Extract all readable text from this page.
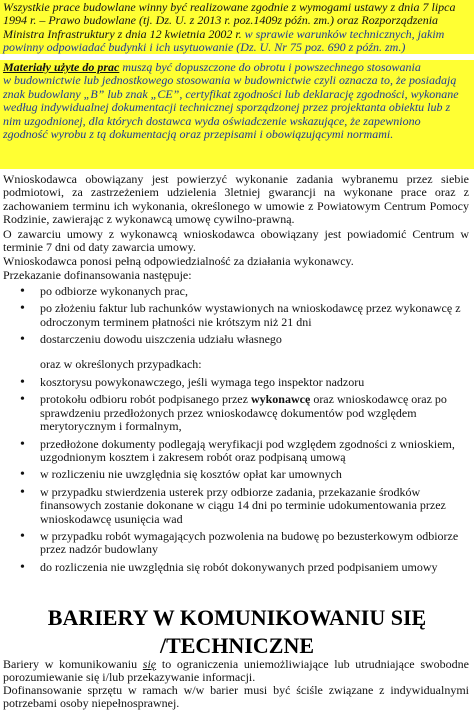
Wszystkie prace budowlane winny być realizowane zgodnie z wymogami ustawy z dnia 7 lipca
1994 r. – Prawo budowlane (tj. Dz. U. z 2013 r. poz.1409z późn. zm.) oraz Rozporządzenia
Ministra Infrastruktury z dnia 12 kwietnia 2002 r. w sprawie warunków technicznych, jakim
powinny odpowiadać budynki i ich usytuowanie (Dz. U. Nr 75 poz. 690 z późn. zm.)
Materiały użyte do prac muszą być dopuszczone do obrotu i powszechnego stosowania
w budownictwie lub jednostkowego stosowania w budownictwie czyli oznacza to, że posiadają
znak budowlany „B” lub znak „CE”, certyfikat zgodności lub deklarację zgodności, wykonane
według indywidualnej dokumentacji technicznej sporządzonej przez projektanta obiektu lub z
nim uzgodnionej, dla których dostawca wyda oświadczenie wskazujące, że zapewniono
zgodność wyrobu z tą dokumentacją oraz przepisami i obowiązującymi normami.
Wnioskodawca obowiązany jest powierzyć wykonanie zadania wybranemu przez siebie podmiotowi, za zastrzeżeniem udzielenia 3letniej gwarancji na wykonane prace oraz z zachowaniem terminu ich wykonania, określonego w umowie z Powiatowym Centrum Pomocy Rodzinie, zawierając z wykonawcą umowę cywilno-prawną.
O zawarciu umowy z wykonawcą wnioskodawca obowiązany jest powiadomić Centrum w terminie 7 dni od daty zawarcia umowy.
Wnioskodawca ponosi pełną odpowiedzialność za działania wykonawcy.
Przekazanie dofinansowania następuje:
• po odbiorze wykonanych prac,
• po złożeniu faktur lub rachunków wystawionych na wnioskodawcę przez wykonawcę z odroczonym terminem płatności nie krótszym niż 21 dni
• dostarczeniu dowodu uiszczenia udziału własnego
oraz w określonych przypadkach:
• kosztorysu powykonawczego, jeśli wymaga tego inspektor nadzoru
• protokołu odbioru robót podpisanego przez wykonawcę oraz wnioskodawcę oraz po sprawdzeniu przedłożonych przez wnioskodawcę dokumentów pod względem merytorycznym i formalnym,
• przedłożone dokumenty podlegają weryfikacji pod względem zgodności z wnioskiem, uzgodnionym kosztem i zakresem robót oraz podpisaną umową
• w rozliczeniu nie uwzględnia się kosztów opłat kar umownych
• w przypadku stwierdzenia usterek przy odbiorze zadania, przekazanie środków finansowych zostanie dokonane w ciągu 14 dni po terminie udokumentowania przez wnioskodawcę usunięcia wad
• w przypadku robót wymagających pozwolenia na budowę po bezusterkowym odbiorze przez nadzór budowlany
• do rozliczenia nie uwzględnia się robót dokonywanych przed podpisaniem umowy
BARIERY W KOMUNIKOWANIU SIĘ
/TECHNICZNE
Bariery w komunikowaniu się to ograniczenia uniemożliwiające lub utrudniające swobodne porozumiewanie się i/lub przekazywanie informacji.
Dofinansowanie sprzętu w ramach w/w barier musi być ściśle związane z indywidualnymi potrzebami osoby niepełnosprawnej.
